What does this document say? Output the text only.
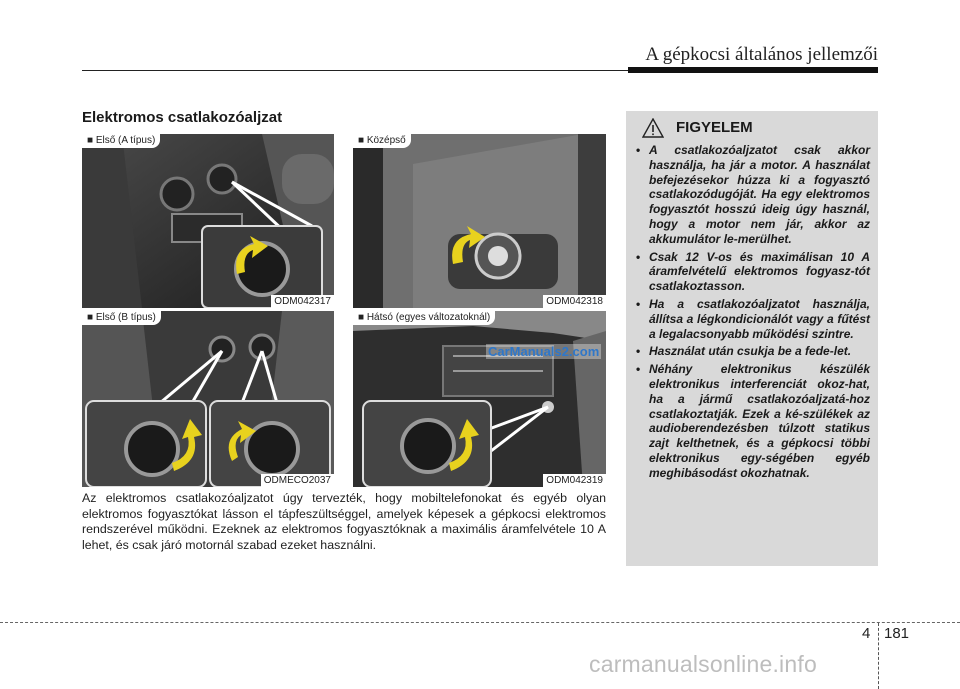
A gépkocsi általános jellemzői
Elektromos csatlakozóaljzat
■ Első (A típus)
ODM042317
■ Középső
ODM042318
■ Első (B típus)
ODMECO2037
■ Hátsó (egyes változatoknál)
ODM042319
CarManuals2.com
Az elektromos csatlakozóaljzatot úgy tervezték, hogy mobiltelefonokat és egyéb olyan elektromos fogyasztókat lásson el tápfeszültséggel, amelyek képesek a gépkocsi elektromos rendszerével működni. Ezeknek az elektromos fogyasztóknak a maximális áramfelvétele 10 A lehet, és csak járó motornál szabad ezeket használni.
FIGYELEM
• A csatlakozóaljzatot csak akkor használja, ha jár a motor. A használat befejezésekor húzza ki a fogyasztó csatlakozódugóját. Ha egy elektromos fogyasztót hosszú ideig úgy használ, hogy a motor nem jár, akkor az akkumulátor le-merülhet.
• Csak 12 V-os és maximálisan 10 A áramfelvételű elektromos fogyasz-tót csatlakoztasson.
• Ha a csatlakozóaljzatot használja, állítsa a légkondicionálót vagy a fűtést a legalacsonyabb működési szintre.
• Használat után csukja be a fede-let.
• Néhány elektronikus készülék elektronikus interferenciát okoz-hat, ha a jármű csatlakozóaljzatá-hoz csatlakoztatják. Ezek a ké-szülékek az audioberendezésben túlzott statikus zajt kelthetnek, és a gépkocsi többi elektronikus egy-ségében egyéb meghibásodást okozhatnak.
4 181
carmanualsonline.info
